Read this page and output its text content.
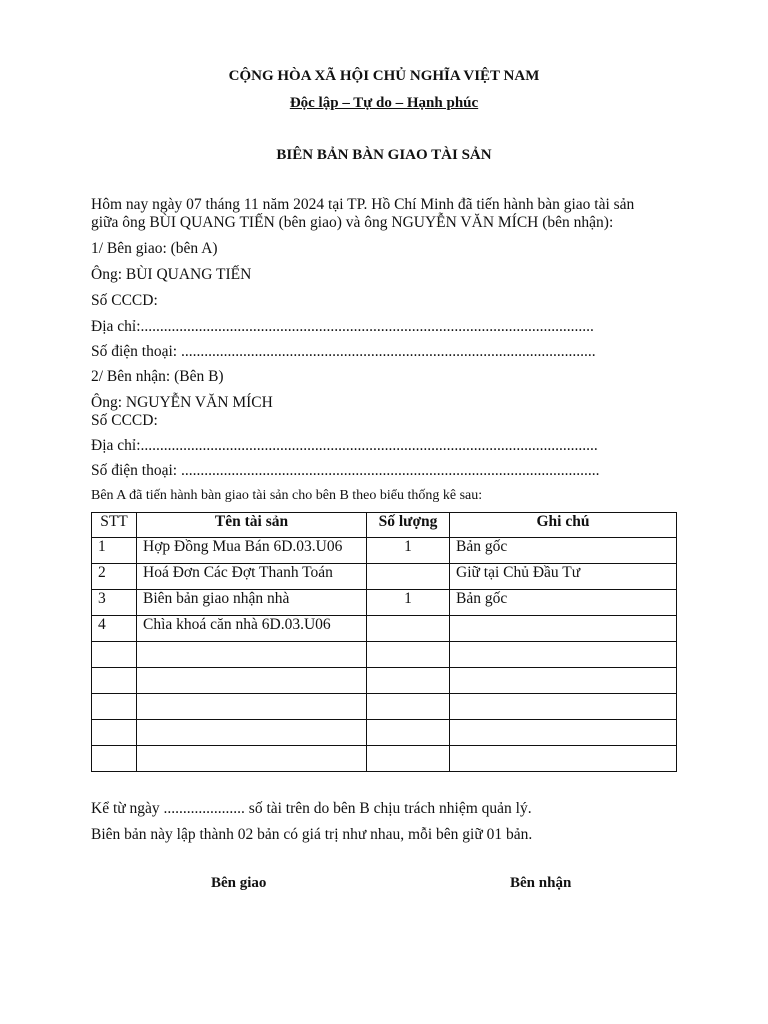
CỘNG HÒA XÃ HỘI CHỦ NGHĨA VIỆT NAM
Độc lập – Tự do – Hạnh phúc
BIÊN BẢN BÀN GIAO TÀI SẢN
Hôm nay ngày 07 tháng 11 năm 2024 tại TP. Hồ Chí Minh đã tiến hành bàn giao tài sản
giữa ông BÙI QUANG TIẾN (bên giao) và ông NGUYỄN VĂN MÍCH (bên nhận):
1/ Bên giao: (bên A)
Ông: BÙI QUANG TIẾN
Số CCCD:
Địa chỉ:.....................................................................................................................
Số điện thoại: ...........................................................................................................
2/ Bên nhận: (Bên B)
Ông: NGUYỄN VĂN MÍCH
Số CCCD:
Địa chỉ:......................................................................................................................
Số điện thoại: ............................................................................................................
Bên A đã tiến hành bàn giao tài sản cho bên B theo biểu thống kê sau:
STT	Tên tài sản	Số lượng	Ghi chú
1	Hợp Đồng Mua Bán 6D.03.U06	1	Bản gốc
2	Hoá Đơn Các Đợt Thanh Toán		Giữ tại Chủ Đầu Tư
3	Biên bản giao nhận nhà	1	Bản gốc
4	Chìa khoá căn nhà 6D.03.U06		

Kể từ ngày ..................... số tài trên do bên B chịu trách nhiệm quản lý.
Biên bản này lập thành 02 bản có giá trị như nhau, mỗi bên giữ 01 bản.
Bên giao	Bên nhận
